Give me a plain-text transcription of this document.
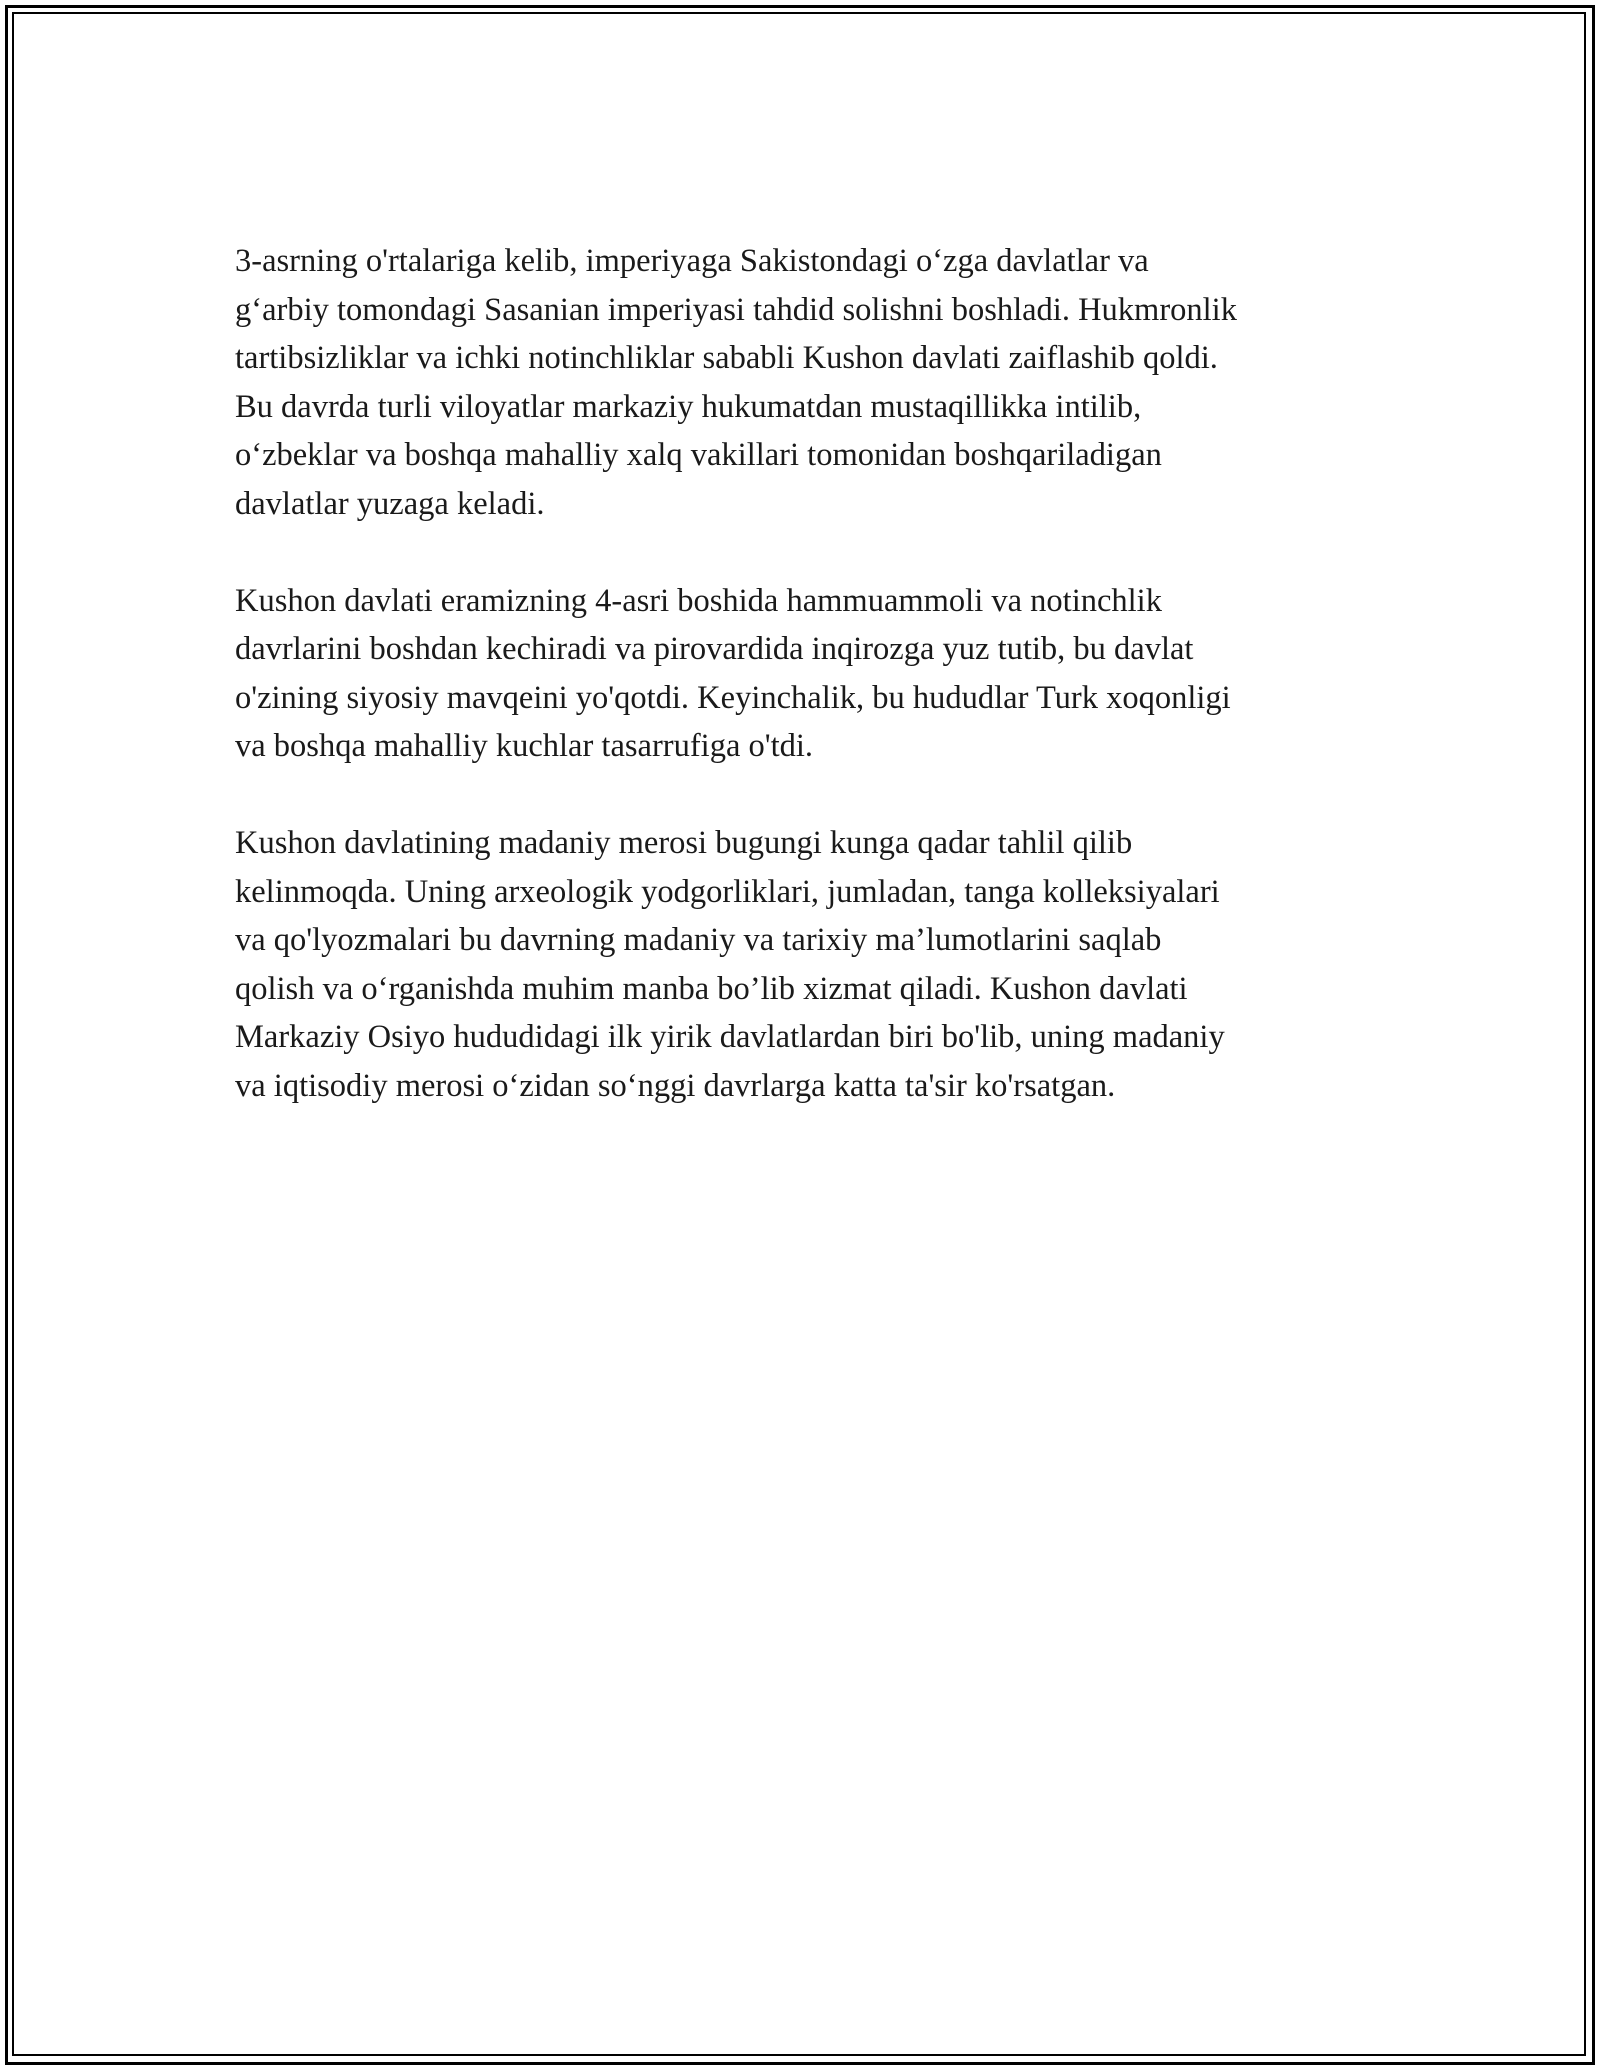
3-asrning o'rtalariga kelib, imperiyaga Sakistondagi o‘zga davlatlar va
g‘arbiy tomondagi Sasanian imperiyasi tahdid solishni boshladi. Hukmronlik
tartibsizliklar va ichki notinchliklar sababli Kushon davlati zaiflashib qoldi.
Bu davrda turli viloyatlar markaziy hukumatdan mustaqillikka intilib,
o‘zbeklar va boshqa mahalliy xalq vakillari tomonidan boshqariladigan
davlatlar yuzaga keladi.

Kushon davlati eramizning 4-asri boshida hammuammoli va notinchlik
davrlarini boshdan kechiradi va pirovardida inqirozga yuz tutib, bu davlat
o'zining siyosiy mavqeini yo'qotdi. Keyinchalik, bu hududlar Turk xoqonligi
va boshqa mahalliy kuchlar tasarrufiga o'tdi.

Kushon davlatining madaniy merosi bugungi kunga qadar tahlil qilib
kelinmoqda. Uning arxeologik yodgorliklari, jumladan, tanga kolleksiyalari
va qo'lyozmalari bu davrning madaniy va tarixiy ma’lumotlarini saqlab
qolish va o‘rganishda muhim manba bo’lib xizmat qiladi. Kushon davlati
Markaziy Osiyo hududidagi ilk yirik davlatlardan biri bo'lib, uning madaniy
va iqtisodiy merosi o‘zidan so‘nggi davrlarga katta ta'sir ko'rsatgan.
